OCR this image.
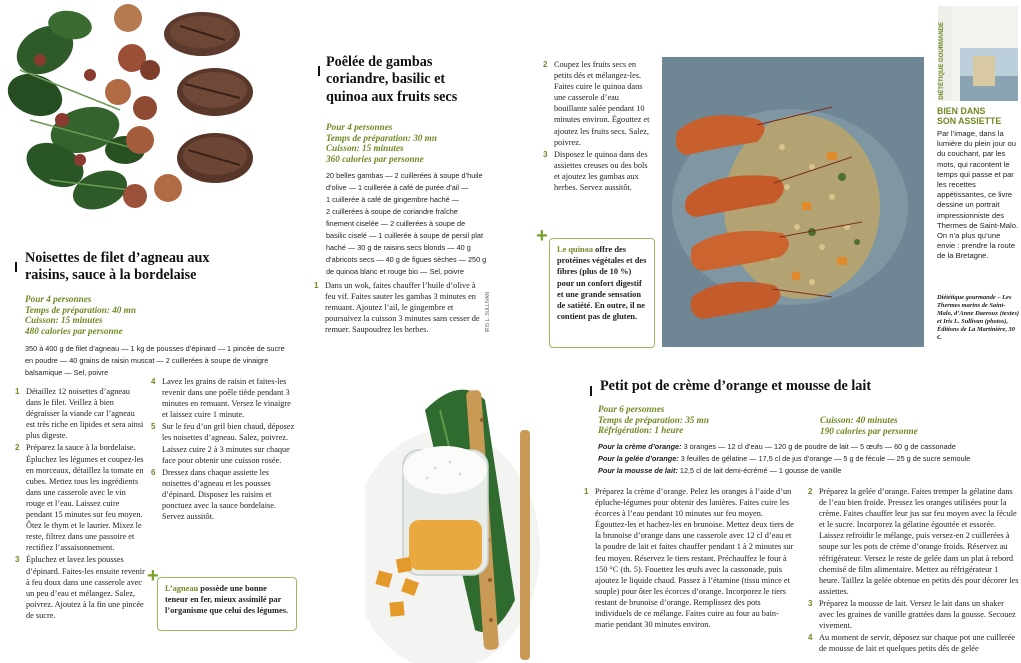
Noisettes de filet d’agneau aux
raisins, sauce à la bordelaise
Pour 4 personnes
Temps de préparation: 40 mn
Cuisson: 15 minutes
480 calories par personne
350 à 400 g de filet d’agneau — 1 kg de pousses d’épinard — 1 pincée de sucre
en poudre — 40 grains de raisin muscat — 2 cuillerées à soupe de vinaigre
balsamique — Sel, poivre
1 Détaillez 12 noisettes d’agneau dans le filet. Veillez à bien dégraisser la viande car l’agneau est très riche en lipides et sera ainsi plus digeste.
2 Préparez la sauce à la bordelaise. Épluchez les légumes et coupez-les en morceaux, détaillez la tomate en cubes. Mettez tous les ingrédients dans une casserole avec le vin rouge et l’eau. Laissez cuire pendant 15 minutes sur feu moyen. Ôtez le thym et le laurier. Mixez le reste, filtrez dans une passoire et rectifiez l’assaisonnement.
3 Épluchez et lavez les pousses d’épinard. Faites-les ensuite revenir à feu doux dans une casserole avec un peu d’eau et mélangez. Salez, poivrez. Ajoutez à la fin une pincée de sucre.
4 Lavez les grains de raisin et faites-les revenir dans une poêle tiède pendant 3 minutes en remuant. Versez le vinaigre et laissez cuire 1 minute.
5 Sur le feu d’un gril bien chaud, déposez les noisettes d’agneau. Salez, poivrez. Laissez cuire 2 à 3 minutes sur chaque face pour obtenir une cuisson rosée.
6 Dressez dans chaque assiette les noisettes d’agneau et les pousses d’épinard. Disposez les raisins et ponctuez avec la sauce bordelaise. Servez aussitôt.
+
L’agneau possède une bonne teneur en fer, mieux assimilé par l’organisme que celui des légumes.
Poêlée de gambas
coriandre, basilic et
quinoa aux fruits secs
Pour 4 personnes
Temps de préparation: 30 mn
Cuisson: 15 minutes
360 calories par personne
20 belles gambas — 2 cuillerées à soupe d’huile
d’olive — 1 cuillerée à café de purée d’ail —
1 cuillerée à café de gingembre haché —
2 cuillerées à soupe de coriandre fraîche
finement ciselée — 2 cuillerées à soupe de
basilic ciselé — 1 cuillerée à soupe de persil plat
haché — 30 g de raisins secs blonds — 40 g
d’abricots secs — 40 g de figues sèches — 250 g
de quinoa blanc et rouge bio — Sel, poivre
1 Dans un wok, faites chauffer l’huile d’olive à feu vif. Faites sauter les gambas 3 minutes en remuant. Ajoutez l’ail, le gingembre et poursuivez la cuisson 3 minutes sans cesser de remuer. Saupoudrez les herbes.	IRIS L. SULLIVAN
2 Coupez les fruits secs en petits dés et mélangez-les. Faites cuire le quinoa dans une casserole d’eau bouillante salée pendant 10 minutes environ. Égouttez et ajoutez les fruits secs. Salez, poivrez.
3 Disposez le quinoa dans des assiettes creuses ou des bols et ajoutez les gambas aux herbes. Servez aussitôt.
+
Le quinoa offre des protéines végétales et des fibres (plus de 10 %) pour un confort digestif et une grande sensation de satiété. En outre, il ne contient pas de gluten.
DIÉTÉTIQUE GOURMANDE
BIEN DANS
SON ASSIETTE
Par l’image, dans la lumière du plein jour ou du couchant, par les mots, qui racontent le temps qui passe et par les recettes appétissantes, ce livre dessine un portrait impressionniste des Thermes de Saint-Malo. On n’a plus qu’une envie : prendre la route de la Bretagne.
Diététique gourmande – Les Thermes marins de Saint-Malo, d’Anne Daeroux (textes) et Iris L. Sullivan (photos), Éditions de La Martinière, 30 €.
Petit pot de crème d’orange et mousse de lait
Pour 6 personnes
Temps de préparation: 35 mn
Réfrigération: 1 heure
Cuisson: 40 minutes
190 calories par personne
Pour la crème d’orange: 3 oranges — 12 cl d’eau — 120 g de poudre de lait — 5 œufs — 60 g de cassonade
Pour la gelée d’orange: 3 feuilles de gélatine — 17,5 cl de jus d’orange — 5 g de fécule — 25 g de sucre semoule
Pour la mousse de lait: 12,5 cl de lait demi-écrémé — 1 gousse de vanille
1 Préparez la crème d’orange. Pelez les oranges à l’aide d’un épluche-légumes pour obtenir des lanières. Faites cuire les écorces à l’eau pendant 10 minutes sur feu moyen. Égouttez-les et hachez-les en brunoise. Mettez deux tiers de la brunoise d’orange dans une casserole avec 12 cl d’eau et la poudre de lait et faites chauffer pendant 1 à 2 minutes sur feu moyen. Réservez le tiers restant. Préchauffez le four à 150 °C (th. 5). Fouettez les œufs avec la cassonade, puis ajoutez le liquide chaud. Passez à l’étamine (tissu mince et souple) pour ôter les écorces d’orange. Incorporez le tiers restant de brunoise d’orange. Remplissez des pots individuels de ce mélange. Faites cuire au four au bain-marie pendant 30 minutes environ.
2 Préparez la gelée d’orange. Faites tremper la gélatine dans de l’eau bien froide. Pressez les oranges utilisées pour la crème. Faites chauffer leur jus sur feu moyen avec la fécule et le sucre. Incorporez la gélatine égouttée et essorée. Laissez refroidir le mélange, puis versez-en 2 cuillerées à soupe sur les pots de crème d’orange froids. Réservez au réfrigérateur. Versez le reste de gelée dans un plat à rebord chemisé de film alimentaire. Mettez au réfrigérateur 1 heure. Taillez la gelée obtenue en petits dés pour décorer les assiettes.
3 Préparez la mousse de lait. Versez le lait dans un shaker avec les graines de vanille grattées dans la gousse. Secouez vivement.
4 Au moment de servir, déposez sur chaque pot une cuillerée de mousse de lait et quelques petits dés de gelée
